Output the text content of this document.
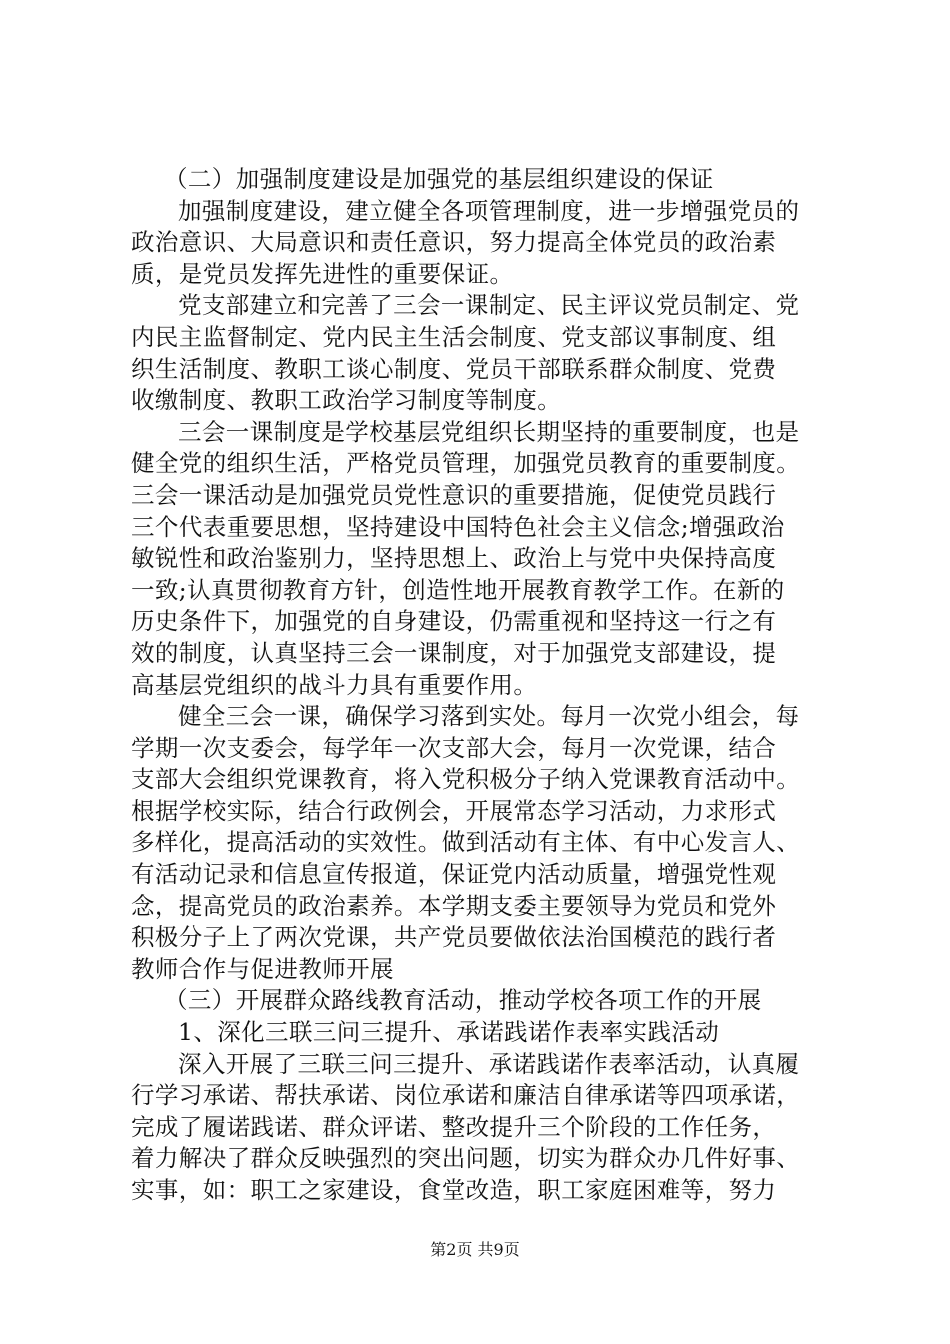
（二）加强制度建设是加强党的基层组织建设的保证
加强制度建设，建立健全各项管理制度，进一步增强党员的
政治意识、大局意识和责任意识，努力提高全体党员的政治素
质，是党员发挥先进性的重要保证。
党支部建立和完善了三会一课制定、民主评议党员制定、党
内民主监督制定、党内民主生活会制度、党支部议事制度、组
织生活制度、教职工谈心制度、党员干部联系群众制度、党费
收缴制度、教职工政治学习制度等制度。
三会一课制度是学校基层党组织长期坚持的重要制度，也是
健全党的组织生活，严格党员管理，加强党员教育的重要制度。
三会一课活动是加强党员党性意识的重要措施，促使党员践行
三个代表重要思想，坚持建设中国特色社会主义信念;增强政治
敏锐性和政治鉴别力，坚持思想上、政治上与党中央保持高度
一致;认真贯彻教育方针，创造性地开展教育教学工作。在新的
历史条件下，加强党的自身建设，仍需重视和坚持这一行之有
效的制度，认真坚持三会一课制度，对于加强党支部建设，提
高基层党组织的战斗力具有重要作用。
健全三会一课，确保学习落到实处。每月一次党小组会，每
学期一次支委会，每学年一次支部大会，每月一次党课，结合
支部大会组织党课教育，将入党积极分子纳入党课教育活动中。
根据学校实际，结合行政例会，开展常态学习活动，力求形式
多样化，提高活动的实效性。做到活动有主体、有中心发言人、
有活动记录和信息宣传报道，保证党内活动质量，增强党性观
念，提高党员的政治素养。本学期支委主要领导为党员和党外
积极分子上了两次党课，共产党员要做依法治国模范的践行者
教师合作与促进教师开展
（三）开展群众路线教育活动，推动学校各项工作的开展
1、深化三联三问三提升、承诺践诺作表率实践活动
深入开展了三联三问三提升、承诺践诺作表率活动，认真履
行学习承诺、帮扶承诺、岗位承诺和廉洁自律承诺等四项承诺，
完成了履诺践诺、群众评诺、整改提升三个阶段的工作任务，
着力解决了群众反映强烈的突出问题，切实为群众办几件好事、
实事，如：职工之家建设，食堂改造，职工家庭困难等，努力
第2页 共9页
